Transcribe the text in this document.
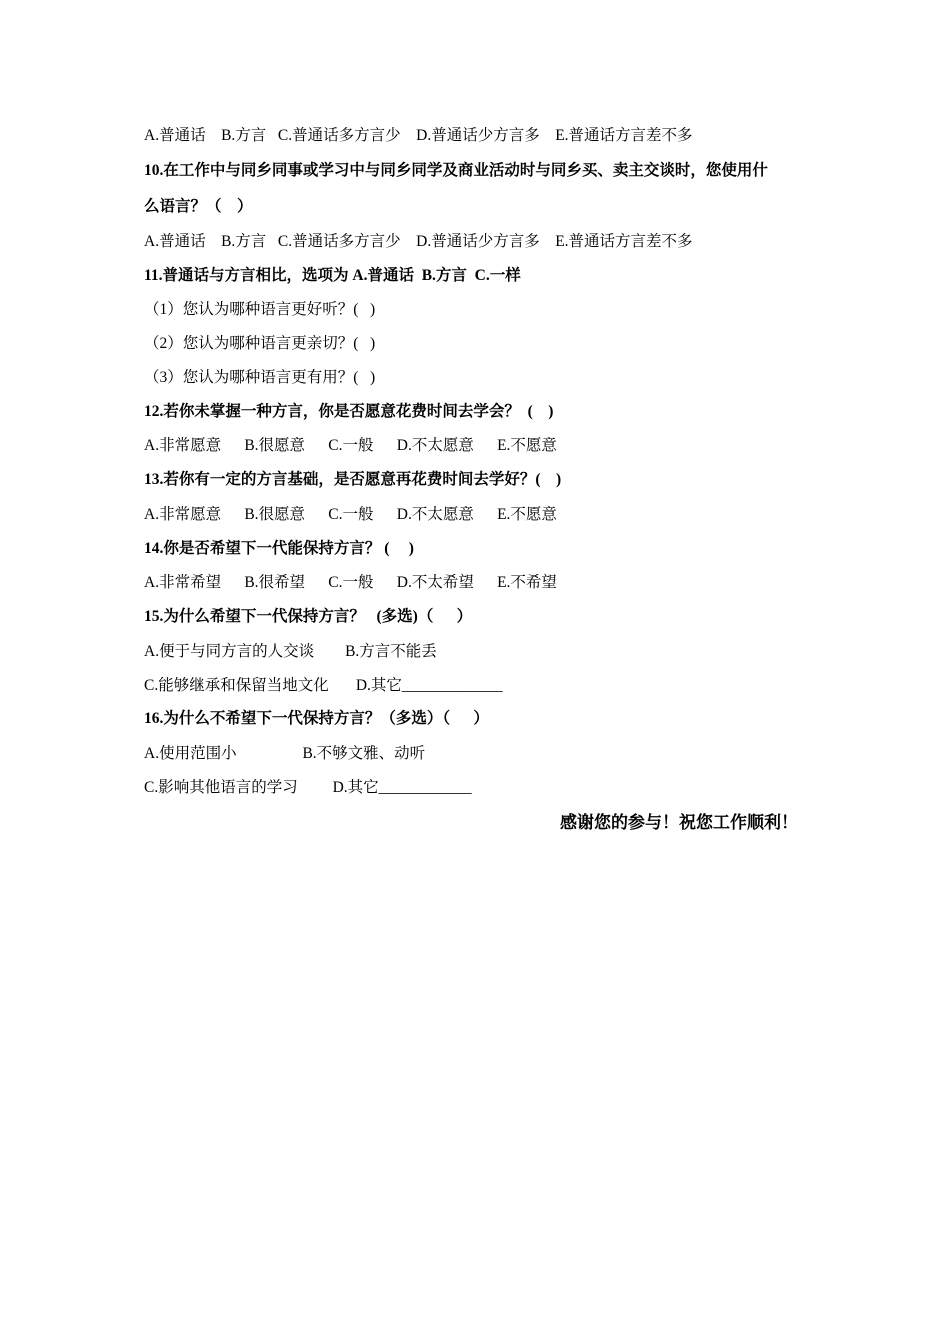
A.普通话    B.方言   C.普通话多方言少    D.普通话少方言多    E.普通话方言差不多
10.在工作中与同乡同事或学习中与同乡同学及商业活动时与同乡买、卖主交谈时，您使用什
么语言？（    ）
A.普通话    B.方言   C.普通话多方言少    D.普通话少方言多    E.普通话方言差不多
11.普通话与方言相比，选项为 A.普通话  B.方言  C.一样
（1）您认为哪种语言更好听？(   )
（2）您认为哪种语言更亲切？(   )
（3）您认为哪种语言更有用？(   )
12.若你未掌握一种方言，你是否愿意花费时间去学会？  (    )
A.非常愿意      B.很愿意      C.一般      D.不太愿意      E.不愿意
13.若你有一定的方言基础，是否愿意再花费时间去学好？(    )
A.非常愿意      B.很愿意      C.一般      D.不太愿意      E.不愿意
14.你是否希望下一代能保持方言？ (     )
A.非常希望      B.很希望      C.一般      D.不太希望      E.不希望
15.为什么希望下一代保持方言？   (多选)（      ）
A.便于与同方言的人交谈        B.方言不能丢
C.能够继承和保留当地文化       D.其它_____________
16.为什么不希望下一代保持方言？（多选）（      ）
A.使用范围小                 B.不够文雅、动听
C.影响其他语言的学习         D.其它____________
感谢您的参与！祝您工作顺利！
